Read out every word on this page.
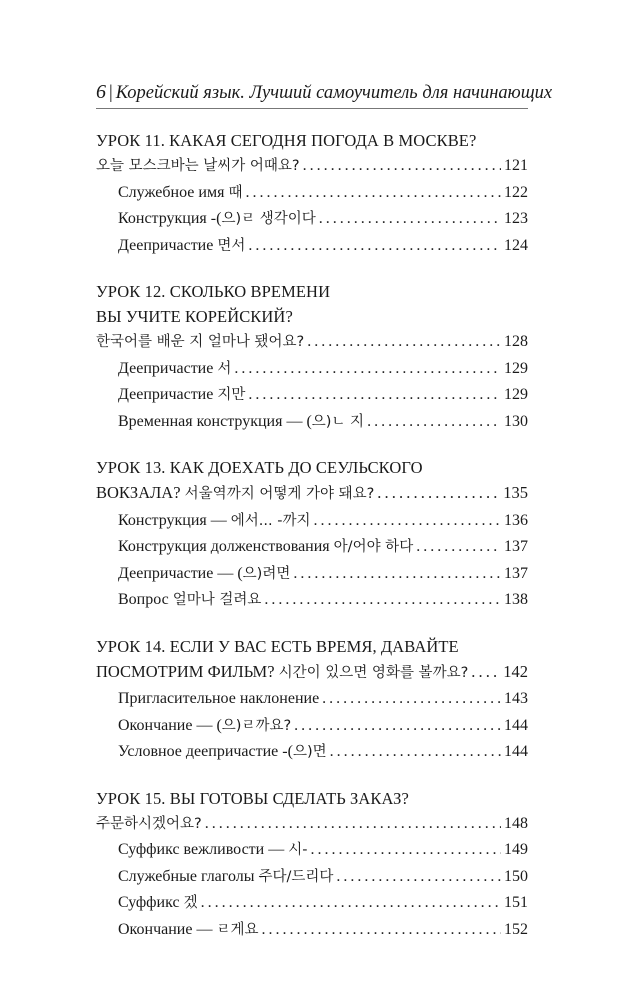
6 | Корейский язык. Лучший самоучитель для начинающих
УРОК 11. КАКАЯ СЕГОДНЯ ПОГОДА В МОСКВЕ?
오늘 모스크바는 날씨가 어때요? . . .	121
Служебное имя 때 . . .	122
Конструкция -(으)ㄹ 생각이다 . . .	123
Деепричастие 면서 . . .	124
УРОК 12. СКОЛЬКО ВРЕМЕНИ
ВЫ УЧИТЕ КОРЕЙСКИЙ?
한국어를 배운 지 얼마나 됐어요? . . .	128
Деепричастие 서 . . .	129
Деепричастие 지만 . . .	129
Временная конструкция — (으)ㄴ 지 . . .	130
УРОК 13. КАК ДОЕХАТЬ ДО СЕУЛЬСКОГО
ВОКЗАЛА? 서울역까지 어떻게 가야 돼요? . . .	135
Конструкция — 에서... -까지 . . .	136
Конструкция долженствования 아/어야 하다 . . .	137
Деепричастие — (으)려면 . . .	137
Вопрос 얼마나 걸려요 . . .	138
УРОК 14. ЕСЛИ У ВАС ЕСТЬ ВРЕМЯ, ДАВАЙТЕ
ПОСМОТРИМ ФИЛЬМ? 시간이 있으면 영화를 볼까요? . . . 142
Пригласительное наклонение . . .	143
Окончание — (으)ㄹ까요? . . .	144
Условное деепричастие -(으)면 . . .	144
УРОК 15. ВЫ ГОТОВЫ СДЕЛАТЬ ЗАКАЗ?
주문하시겠어요? . . .	148
Суффикс вежливости — 시- . . .	149
Служебные глаголы 주다/드리다 . . .	150
Суффикс 겠 . . .	151
Окончание — ㄹ게요 . . .	152
